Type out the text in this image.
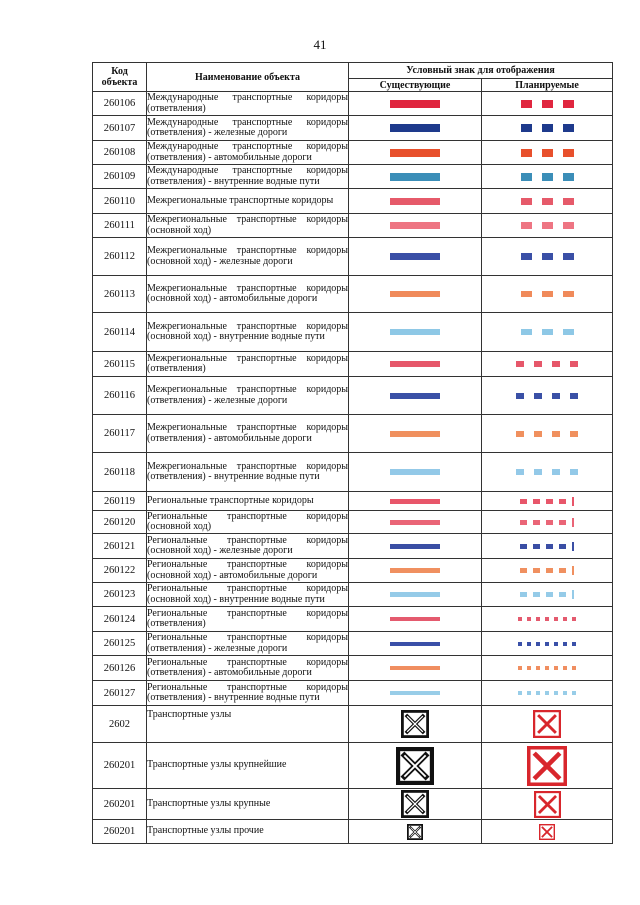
41
Код объекта	Наименование объекта	Условный знак для отображения	
		Существующие	Планируемые
260106	Международные транспортные коридоры (ответвления)		

260107	Международные транспортные коридоры (ответвления) - железные дороги		

260108	Международные транспортные коридоры (ответвления) - автомобильные дороги		

260109	Международные транспортные коридоры (ответвления) - внутренние водные пути		

260110	Межрегиональные транспортные коридоры		

260111	Межрегиональные транспортные коридоры (основной ход)		

260112	Межрегиональные транспортные коридоры (основной ход) - железные дороги		

260113	Межрегиональные транспортные коридоры (основной ход) - автомобильные дороги		

260114	Межрегиональные транспортные коридоры (основной ход) - внутренние водные пути		

260115	Межрегиональные транспортные коридоры (ответвления)		

260116	Межрегиональные транспортные коридоры (ответвления) - железные дороги		

260117	Межрегиональные транспортные коридоры (ответвления) - автомобильные дороги		

260118	Межрегиональные транспортные коридоры (ответвления) - внутренние водные пути		

260119	Региональные транспортные коридоры		

260120	Региональные транспортные коридоры (основной ход)		

260121	Региональные транспортные коридоры (основной ход) - железные дороги		

260122	Региональные транспортные коридоры (основной ход) - автомобильные дороги		

260123	Региональные транспортные коридоры (основной ход) - внутренние водные пути		

260124	Региональные транспортные коридоры (ответвления)		

260125	Региональные транспортные коридоры (ответвления) - железные дороги		

260126	Региональные транспортные коридоры (ответвления) - автомобильные дороги		

260127	Региональные транспортные коридоры (ответвления) - внутренние водные пути		

2602	Транспортные узлы		
260201	Транспортные узлы крупнейшие		
260201	Транспортные узлы крупные		
260201	Транспортные узлы прочие		
